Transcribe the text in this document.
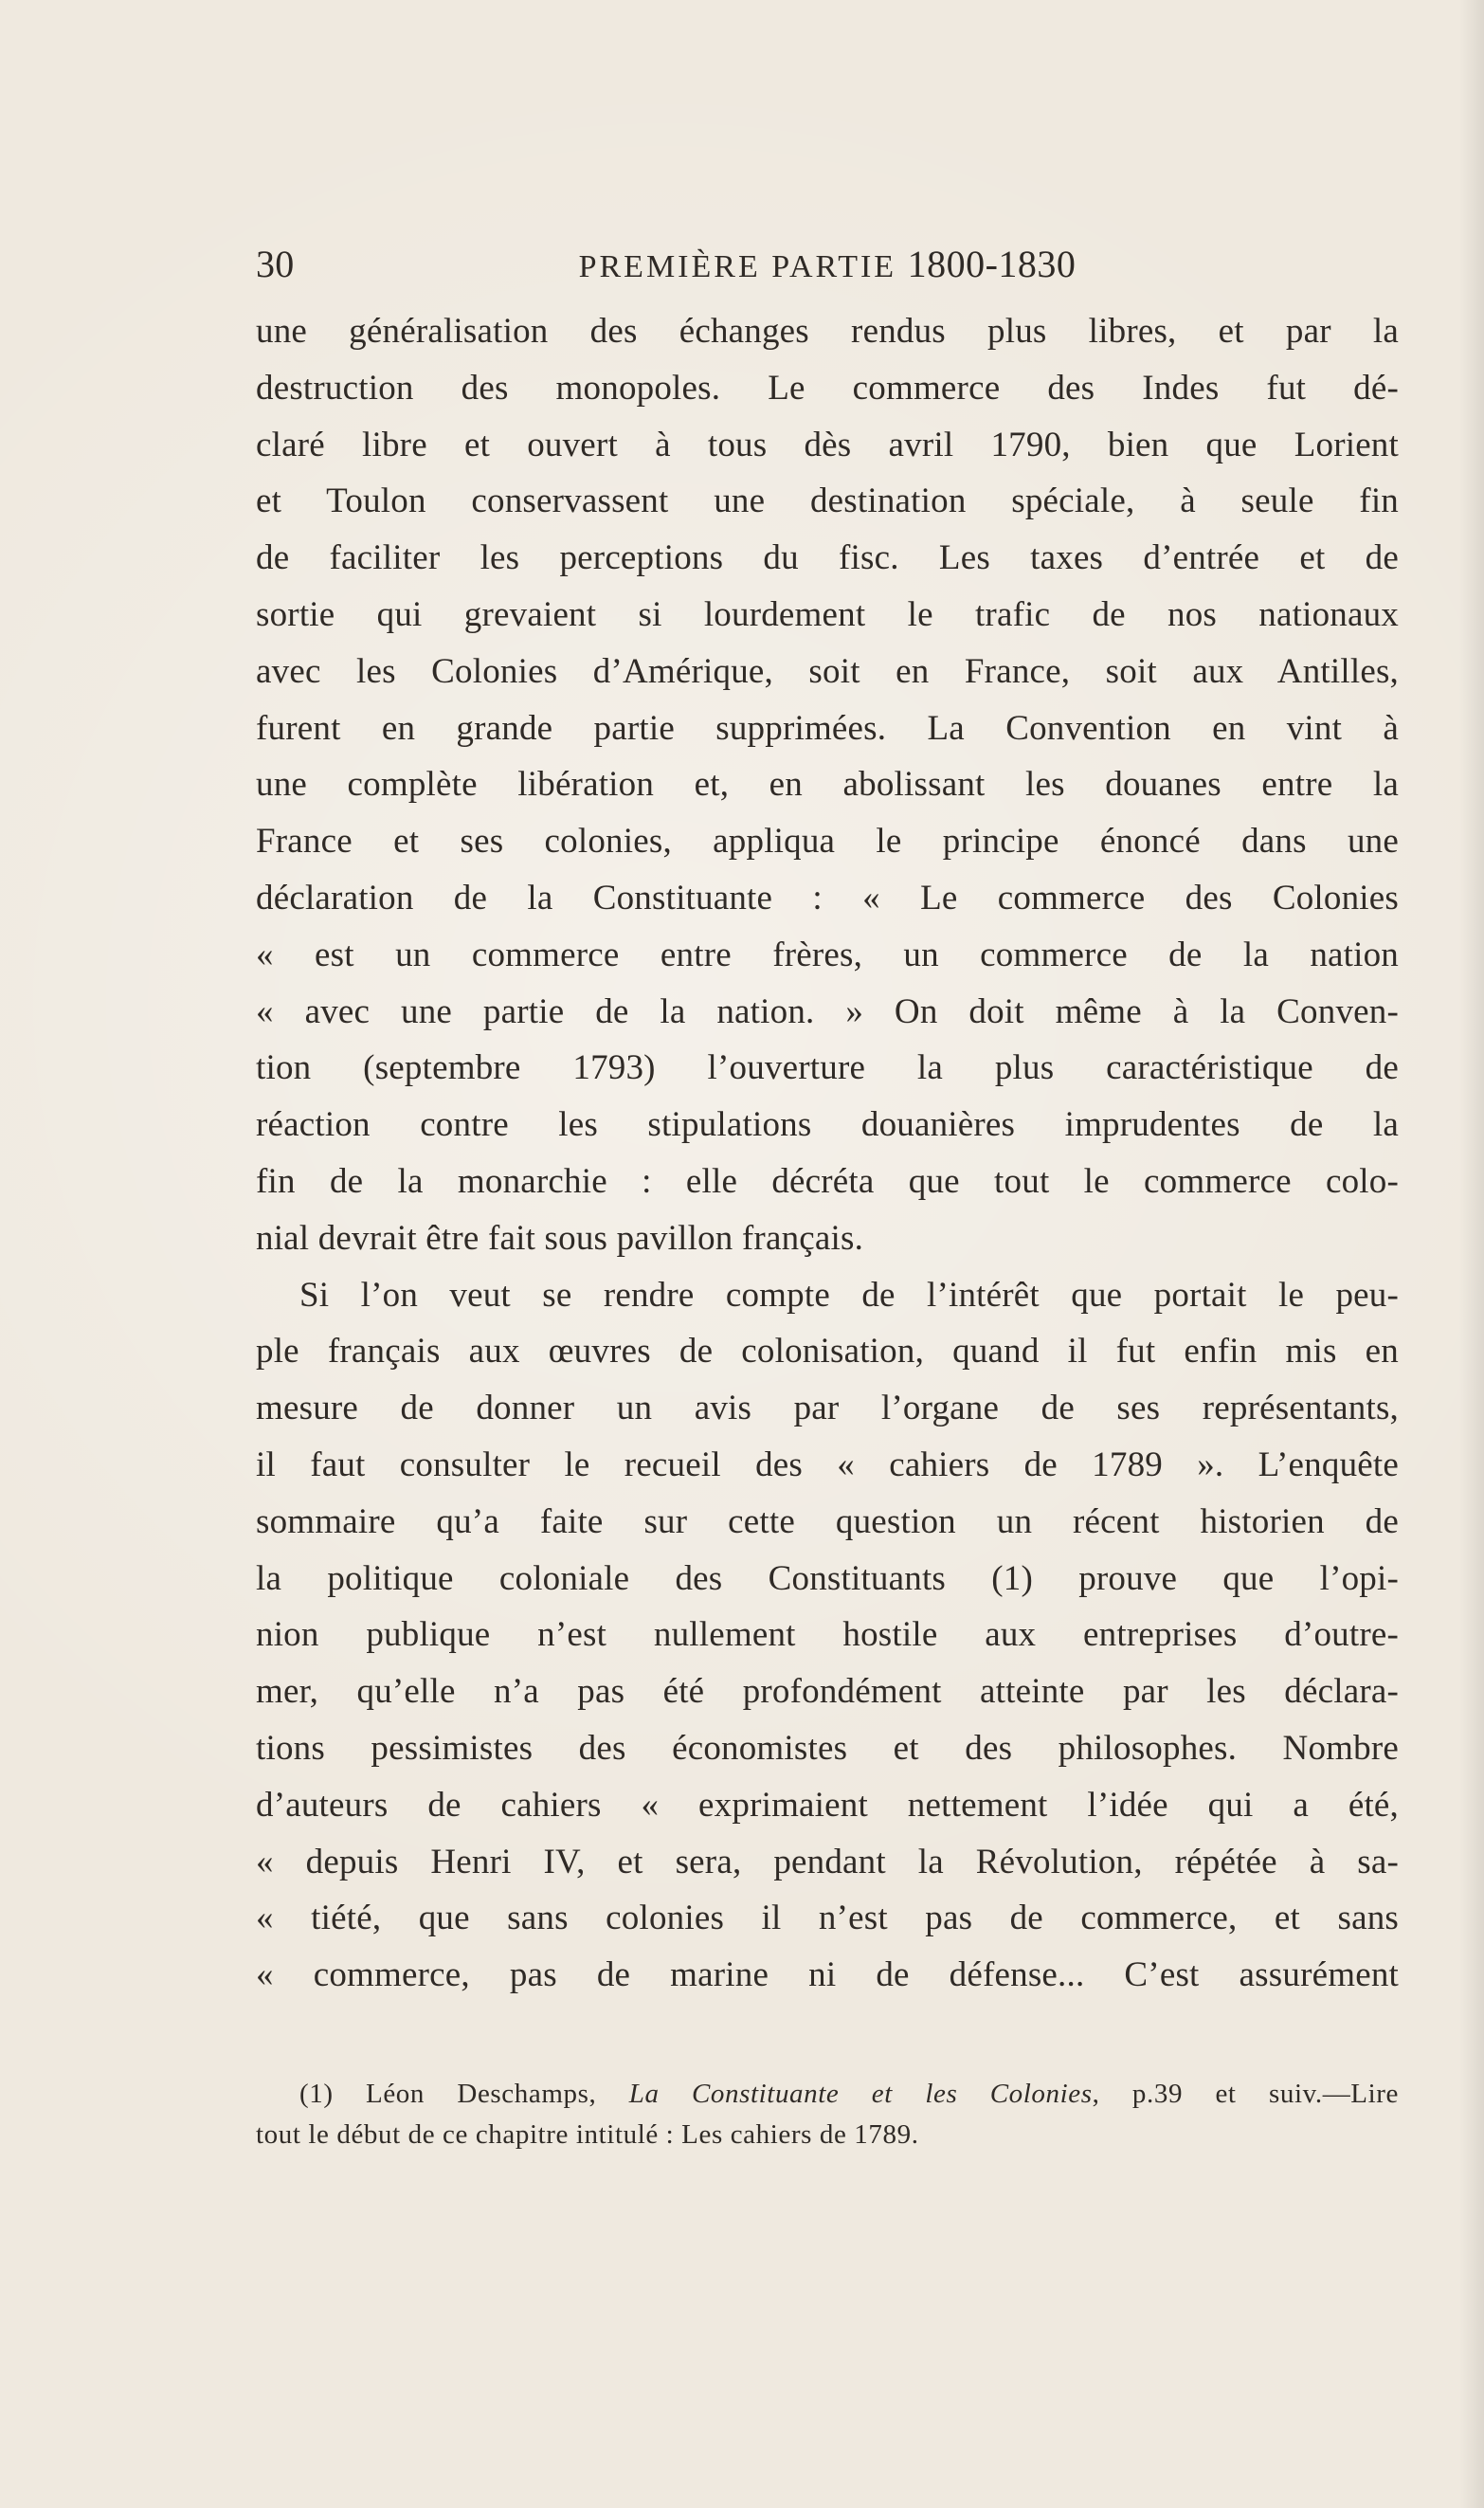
30	PREMIÈRE PARTIE 1800-1830
une généralisation des échanges rendus plus libres, et par la
destruction des monopoles. Le commerce des Indes fut dé-
claré libre et ouvert à tous dès avril 1790, bien que Lorient
et Toulon conservassent une destination spéciale, à seule fin
de faciliter les perceptions du fisc. Les taxes d’entrée et de
sortie qui grevaient si lourdement le trafic de nos nationaux
avec les Colonies d’Amérique, soit en France, soit aux Antilles,
furent en grande partie supprimées. La Convention en vint à
une complète libération et, en abolissant les douanes entre la
France et ses colonies, appliqua le principe énoncé dans une
déclaration de la Constituante : « Le commerce des Colonies
« est un commerce entre frères, un commerce de la nation
« avec une partie de la nation. » On doit même à la Conven-
tion (septembre 1793) l’ouverture la plus caractéristique de
réaction contre les stipulations douanières imprudentes de la
fin de la monarchie : elle décréta que tout le commerce colo-
nial devrait être fait sous pavillon français.
Si l’on veut se rendre compte de l’intérêt que portait le peu-
ple français aux œuvres de colonisation, quand il fut enfin mis en
mesure de donner un avis par l’organe de ses représentants,
il faut consulter le recueil des « cahiers de 1789 ». L’enquête
sommaire qu’a faite sur cette question un récent historien de
la politique coloniale des Constituants (1) prouve que l’opi-
nion publique n’est nullement hostile aux entreprises d’outre-
mer, qu’elle n’a pas été profondément atteinte par les déclara-
tions pessimistes des économistes et des philosophes. Nombre
d’auteurs de cahiers « exprimaient nettement l’idée qui a été,
« depuis Henri IV, et sera, pendant la Révolution, répétée à sa-
« tiété, que sans colonies il n’est pas de commerce, et sans
« commerce, pas de marine ni de défense... C’est assurément
(1) Léon Deschamps, La Constituante et les Colonies, p.39 et suiv.—Lire
tout le début de ce chapitre intitulé : Les cahiers de 1789.
